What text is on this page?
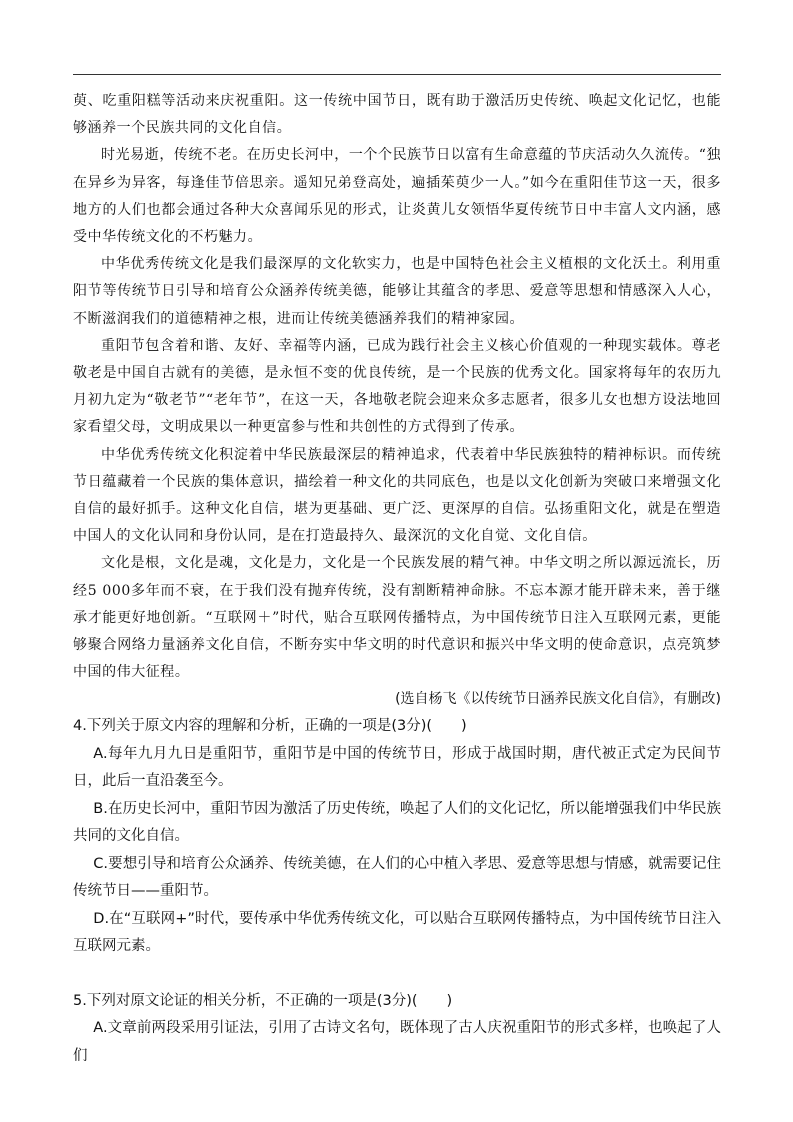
萸、吃重阳糕等活动来庆祝重阳。这一传统中国节日，既有助于激活历史传统、唤起文化记忆，也能够涵养一个民族共同的文化自信。

时光易逝，传统不老。在历史长河中，一个个民族节日以富有生命意蕴的节庆活动久久流传。“独在异乡为异客，每逢佳节倍思亲。遥知兄弟登高处，遍插茱萸少一人。”如今在重阳佳节这一天，很多地方的人们也都会通过各种大众喜闻乐见的形式，让炎黄儿女领悟华夏传统节日中丰富人文内涵，感受中华传统文化的不朽魅力。

中华优秀传统文化是我们最深厚的文化软实力，也是中国特色社会主义植根的文化沃土。利用重阳节等传统节日引导和培育公众涵养传统美德，能够让其蕴含的孝思、爱意等思想和情感深入人心，不断滋润我们的道德精神之根，进而让传统美德涵养我们的精神家园。

重阳节包含着和谐、友好、幸福等内涵，已成为践行社会主义核心价值观的一种现实载体。尊老敬老是中国自古就有的美德，是永恒不变的优良传统，是一个民族的优秀文化。国家将每年的农历九月初九定为“敬老节”“老年节”，在这一天，各地敬老院会迎来众多志愿者，很多儿女也想方设法地回家看望父母，文明成果以一种更富参与性和共创性的方式得到了传承。

中华优秀传统文化积淀着中华民族最深层的精神追求，代表着中华民族独特的精神标识。而传统节日蕴藏着一个民族的集体意识，描绘着一种文化的共同底色，也是以文化创新为突破口来增强文化自信的最好抓手。这种文化自信，堪为更基础、更广泛、更深厚的自信。弘扬重阳文化，就是在塑造中国人的文化认同和身份认同，是在打造最持久、最深沉的文化自觉、文化自信。

文化是根，文化是魂，文化是力，文化是一个民族发展的精气神。中华文明之所以源远流长，历经5 000多年而不衰，在于我们没有抛弃传统，没有割断精神命脉。不忘本源才能开辟未来，善于继承才能更好地创新。“互联网＋”时代，贴合互联网传播特点，为中国传统节日注入互联网元素，更能够聚合网络力量涵养文化自信，不断夯实中华文明的时代意识和振兴中华文明的使命意识，点亮筑梦中国的伟大征程。

(选自杨飞《以传统节日涵养民族文化自信》，有删改)

4.下列关于原文内容的理解和分析，正确的一项是(3分)(　　)

A.每年九月九日是重阳节，重阳节是中国的传统节日，形成于战国时期，唐代被正式定为民间节日，此后一直沿袭至今。

B.在历史长河中，重阳节因为激活了历史传统，唤起了人们的文化记忆，所以能增强我们中华民族共同的文化自信。

C.要想引导和培育公众涵养、传统美德，在人们的心中植入孝思、爱意等思想与情感，就需要记住传统节日——重阳节。

D.在“互联网+”时代，要传承中华优秀传统文化，可以贴合互联网传播特点，为中国传统节日注入互联网元素。

5.下列对原文论证的相关分析，不正确的一项是(3分)(　　)

A.文章前两段采用引证法，引用了古诗文名句，既体现了古人庆祝重阳节的形式多样，也唤起了人们
